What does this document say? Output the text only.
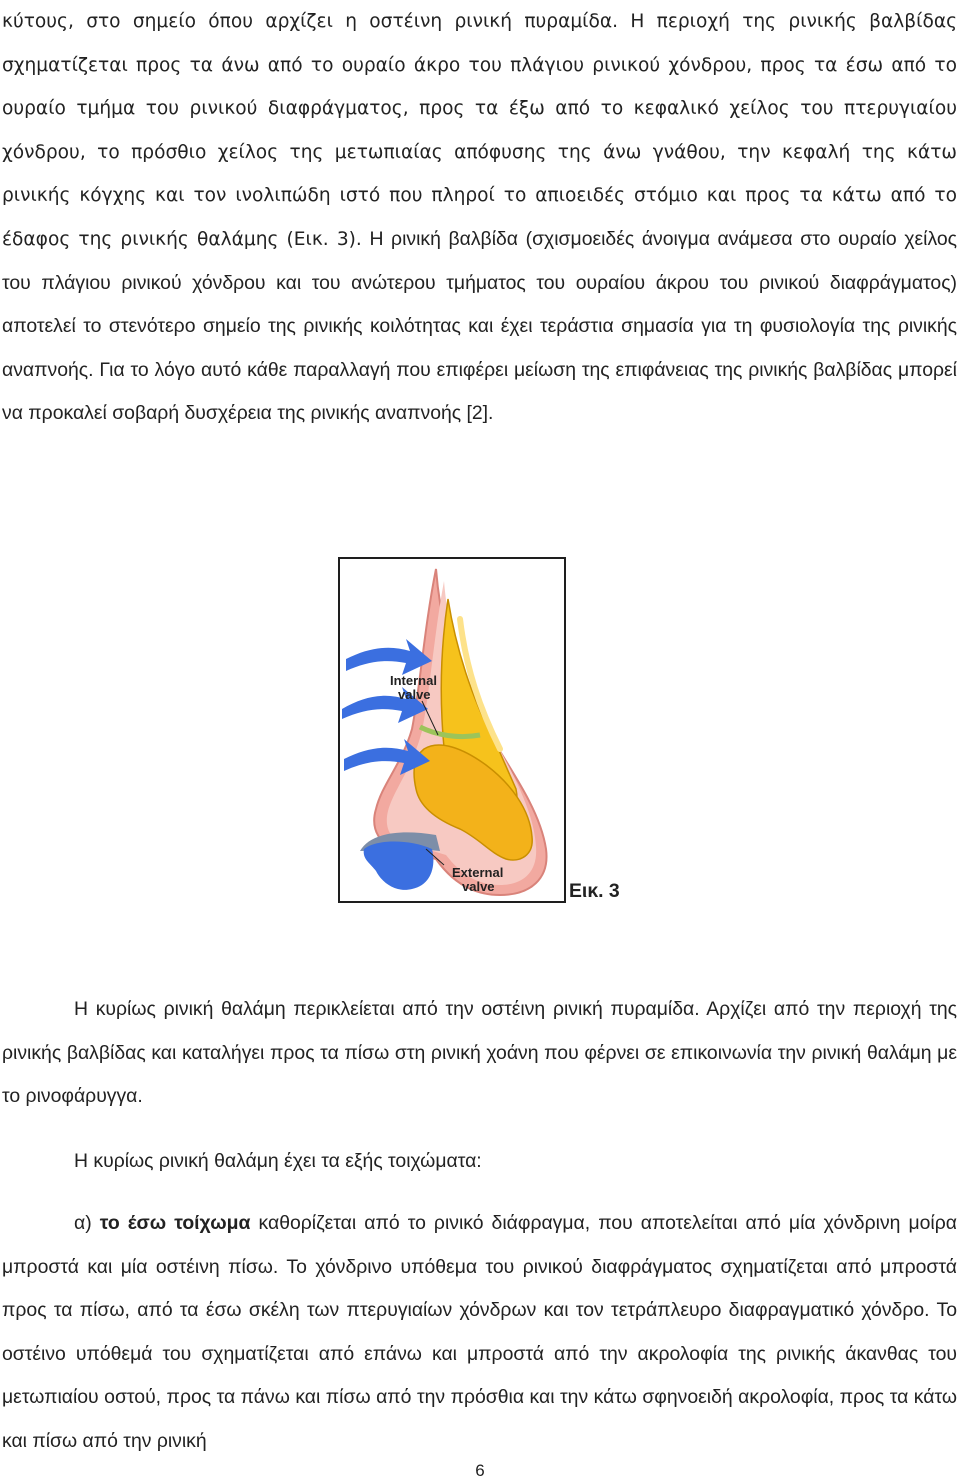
κύτους, στο σημείο όπου αρχίζει η οστέινη ρινική πυραμίδα. Η περιοχή της ρινικής βαλβίδας σχηματίζεται προς τα άνω από το ουραίο άκρο του πλάγιου ρινικού χόνδρου, προς τα έσω από το ουραίο τμήμα του ρινικού διαφράγματος, προς τα έξω από το κεφαλικό χείλος του πτερυγιαίου χόνδρου, το πρόσθιο χείλος της μετωπιαίας απόφυσης της άνω γνάθου, την κεφαλή της κάτω ρινικής κόγχης και τον ινολιπώδη ιστό που πληροί το απιοειδές στόμιο και προς τα κάτω από το έδαφος της ρινικής θαλάμης (Εικ. 3). Η ρινική βαλβίδα (σχισμοειδές άνοιγμα ανάμεσα στο ουραίο χείλος του πλάγιου ρινικού χόνδρου και του ανώτερου τμήματος του ουραίου άκρου του ρινικού διαφράγματος) αποτελεί το στενότερο σημείο της ρινικής κοιλότητας και έχει τεράστια σημασία για τη φυσιολογία της ρινικής αναπνοής. Για το λόγο αυτό κάθε παραλλαγή που επιφέρει μείωση της επιφάνειας της ρινικής βαλβίδας μπορεί να προκαλεί σοβαρή δυσχέρεια της ρινικής αναπνοής [2].

Internal
valve
External
valve	Εικ. 3

Η κυρίως ρινική θαλάμη περικλείεται από την οστέινη ρινική πυραμίδα. Αρχίζει από την περιοχή της ρινικής βαλβίδας και καταλήγει προς τα πίσω στη ρινική χοάνη που φέρνει σε επικοινωνία την ρινική θαλάμη με το ρινοφάρυγγα.

Η κυρίως ρινική θαλάμη έχει τα εξής τοιχώματα:

α) το έσω τοίχωμα καθορίζεται από το ρινικό διάφραγμα, που αποτελείται από μία χόνδρινη μοίρα μπροστά και μία οστέινη πίσω. Το χόνδρινο υπόθεμα του ρινικού διαφράγματος σχηματίζεται από μπροστά προς τα πίσω, από τα έσω σκέλη των πτερυγιαίων χόνδρων και τον τετράπλευρο διαφραγματικό χόνδρο. Το οστέινο υπόθεμά του σχηματίζεται από επάνω και μπροστά από την ακρολοφία της ρινικής άκανθας του μετωπιαίου οστού, προς τα πάνω και πίσω από την πρόσθια και την κάτω σφηνοειδή ακρολοφία, προς τα κάτω και πίσω από την ρινική

6
